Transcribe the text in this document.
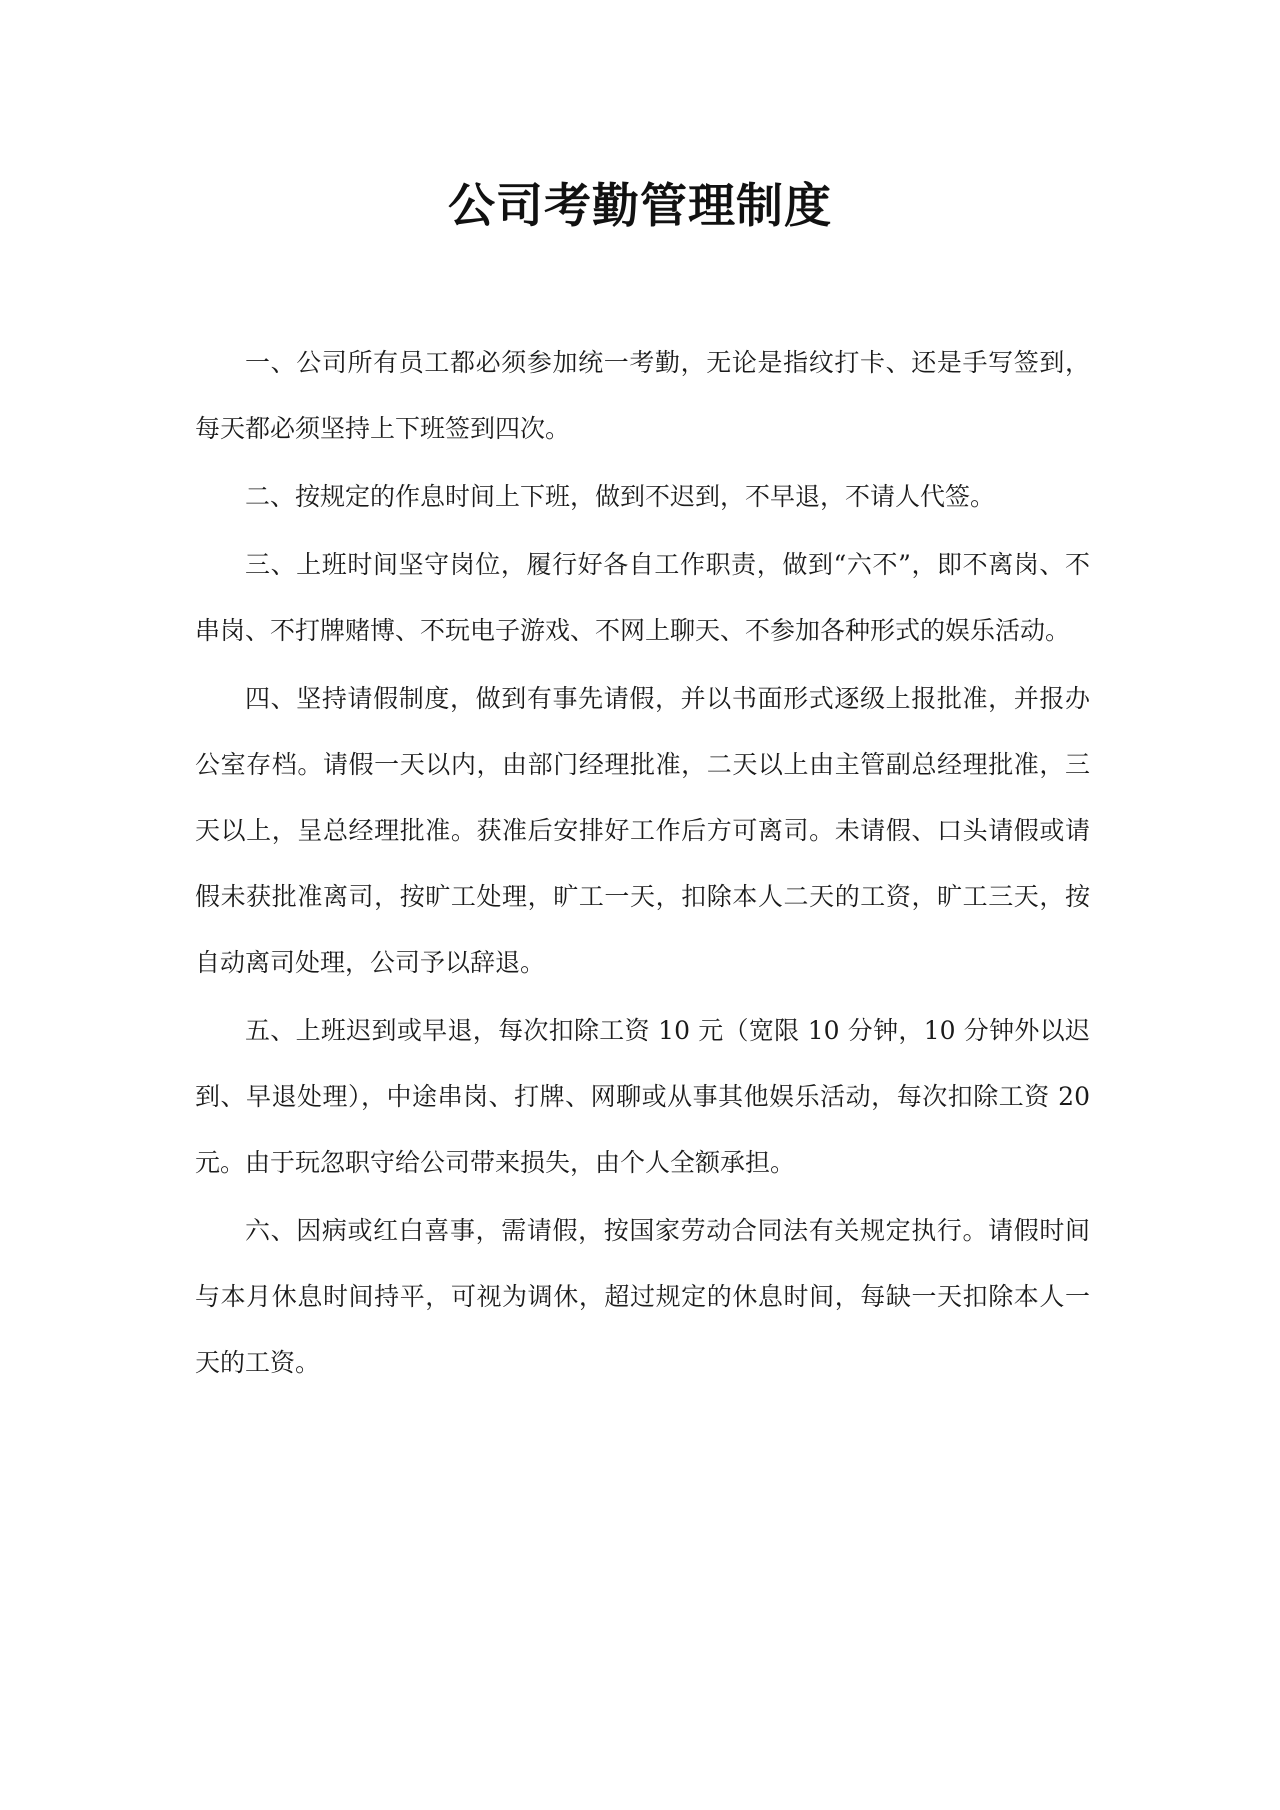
公司考勤管理制度

一、公司所有员工都必须参加统一考勤，无论是指纹打卡、还是手写签到，每天都必须坚持上下班签到四次。

二、按规定的作息时间上下班，做到不迟到，不早退，不请人代签。

三、上班时间坚守岗位，履行好各自工作职责，做到“六不”，即不离岗、不串岗、不打牌赌博、不玩电子游戏、不网上聊天、不参加各种形式的娱乐活动。

四、坚持请假制度，做到有事先请假，并以书面形式逐级上报批准，并报办公室存档。请假一天以内，由部门经理批准，二天以上由主管副总经理批准，三天以上，呈总经理批准。获准后安排好工作后方可离司。未请假、口头请假或请假未获批准离司，按旷工处理，旷工一天，扣除本人二天的工资，旷工三天，按自动离司处理，公司予以辞退。

五、上班迟到或早退，每次扣除工资 10 元（宽限 10 分钟，10 分钟外以迟到、早退处理），中途串岗、打牌、网聊或从事其他娱乐活动，每次扣除工资 20 元。由于玩忽职守给公司带来损失，由个人全额承担。

六、因病或红白喜事，需请假，按国家劳动合同法有关规定执行。请假时间与本月休息时间持平，可视为调休，超过规定的休息时间，每缺一天扣除本人一天的工资。
